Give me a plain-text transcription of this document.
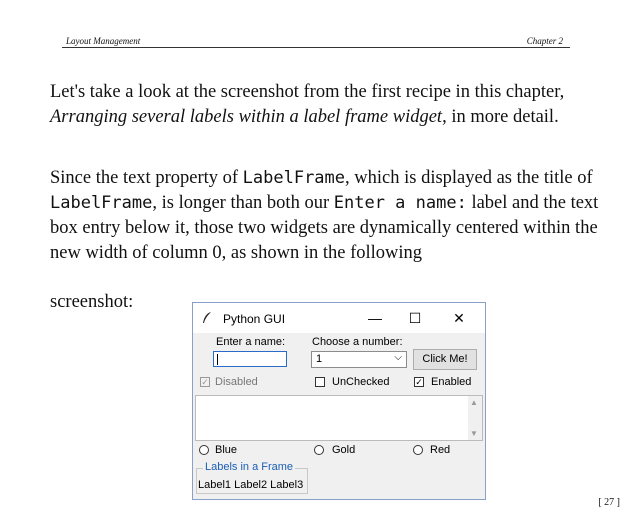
Layout Management	Chapter 2

Let's take a look at the screenshot from the first recipe in this chapter, Arranging several labels within a label frame widget, in more detail.

Since the text property of LabelFrame, which is displayed as the title of LabelFrame, is longer than both our Enter a name: label and the text box entry below it, those two widgets are dynamically centered within the new width of column 0, as shown in the following

screenshot:
Python GUI	— ☐ ✕
Enter a name: Choose a number:
1	⌵	Click Me!
✓ Disabled	UnChecked	✓ Enabled
▲
▼
Blue	Gold	Red
Labels in a Frame
Label1 Label2 Label3
[ 27 ]
